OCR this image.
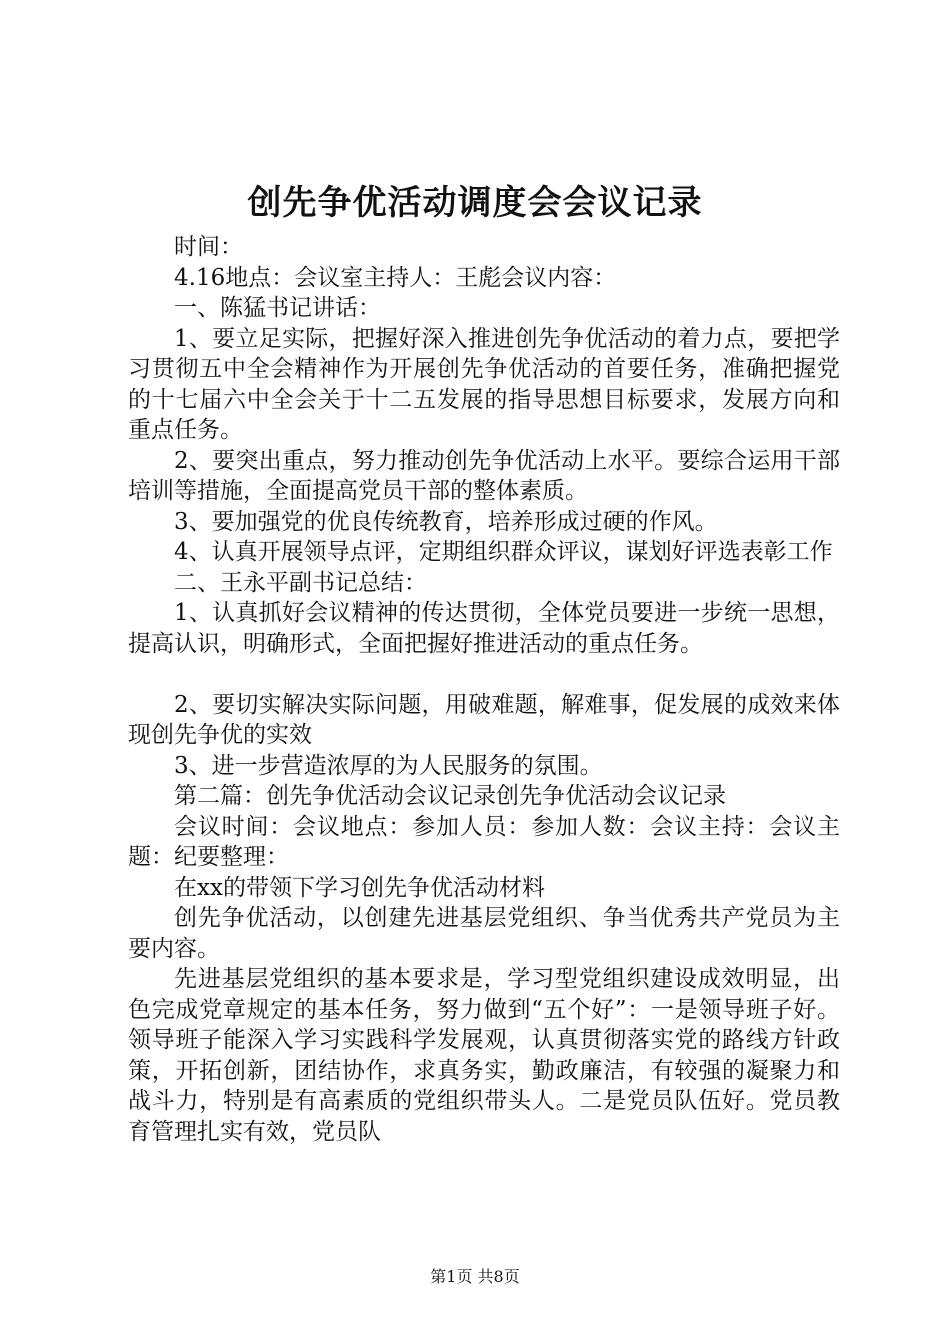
创先争优活动调度会会议记录

时间：

4.16地点：会议室主持人：王彪会议内容：

一、陈猛书记讲话：

1、要立足实际，把握好深入推进创先争优活动的着力点，要把学习贯彻五中全会精神作为开展创先争优活动的首要任务，准确把握党的十七届六中全会关于十二五发展的指导思想目标要求，发展方向和重点任务。

2、要突出重点，努力推动创先争优活动上水平。要综合运用干部培训等措施，全面提高党员干部的整体素质。

3、要加强党的优良传统教育，培养形成过硬的作风。

4、认真开展领导点评，定期组织群众评议，谋划好评选表彰工作

二、王永平副书记总结：

1、认真抓好会议精神的传达贯彻，全体党员要进一步统一思想，提高认识，明确形式，全面把握好推进活动的重点任务。

2、要切实解决实际问题，用破难题，解难事，促发展的成效来体现创先争优的实效

3、进一步营造浓厚的为人民服务的氛围。

第二篇：创先争优活动会议记录创先争优活动会议记录

会议时间：会议地点：参加人员：参加人数：会议主持：会议主题：纪要整理：

在xx的带领下学习创先争优活动材料

创先争优活动，以创建先进基层党组织、争当优秀共产党员为主要内容。

先进基层党组织的基本要求是，学习型党组织建设成效明显，出色完成党章规定的基本任务，努力做到“五个好”：一是领导班子好。领导班子能深入学习实践科学发展观，认真贯彻落实党的路线方针政策，开拓创新，团结协作，求真务实，勤政廉洁，有较强的凝聚力和战斗力，特别是有高素质的党组织带头人。二是党员队伍好。党员教育管理扎实有效，党员队

第1页 共8页
